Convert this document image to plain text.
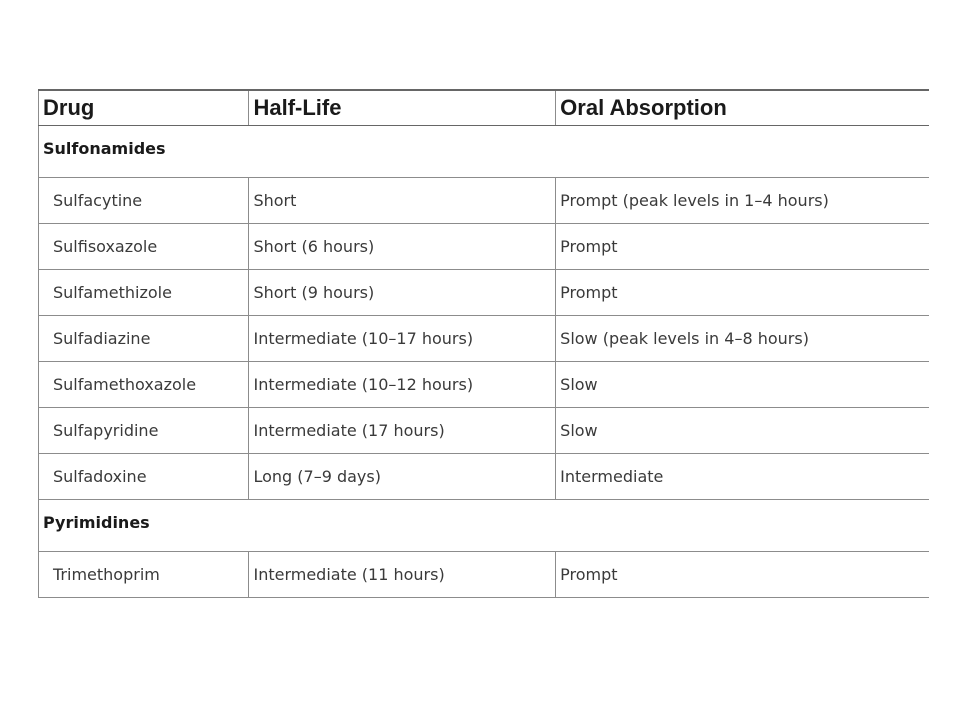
Drug	Half-Life	Oral Absorption
Sulfonamides		
Sulfacytine	Short	Prompt (peak levels in 1–4 hours)
Sulfisoxazole	Short (6 hours)	Prompt
Sulfamethizole	Short (9 hours)	Prompt
Sulfadiazine	Intermediate (10–17 hours)	Slow (peak levels in 4–8 hours)
Sulfamethoxazole	Intermediate (10–12 hours)	Slow
Sulfapyridine	Intermediate (17 hours)	Slow
Sulfadoxine	Long (7–9 days)	Intermediate
Pyrimidines		
Trimethoprim	Intermediate (11 hours)	Prompt
